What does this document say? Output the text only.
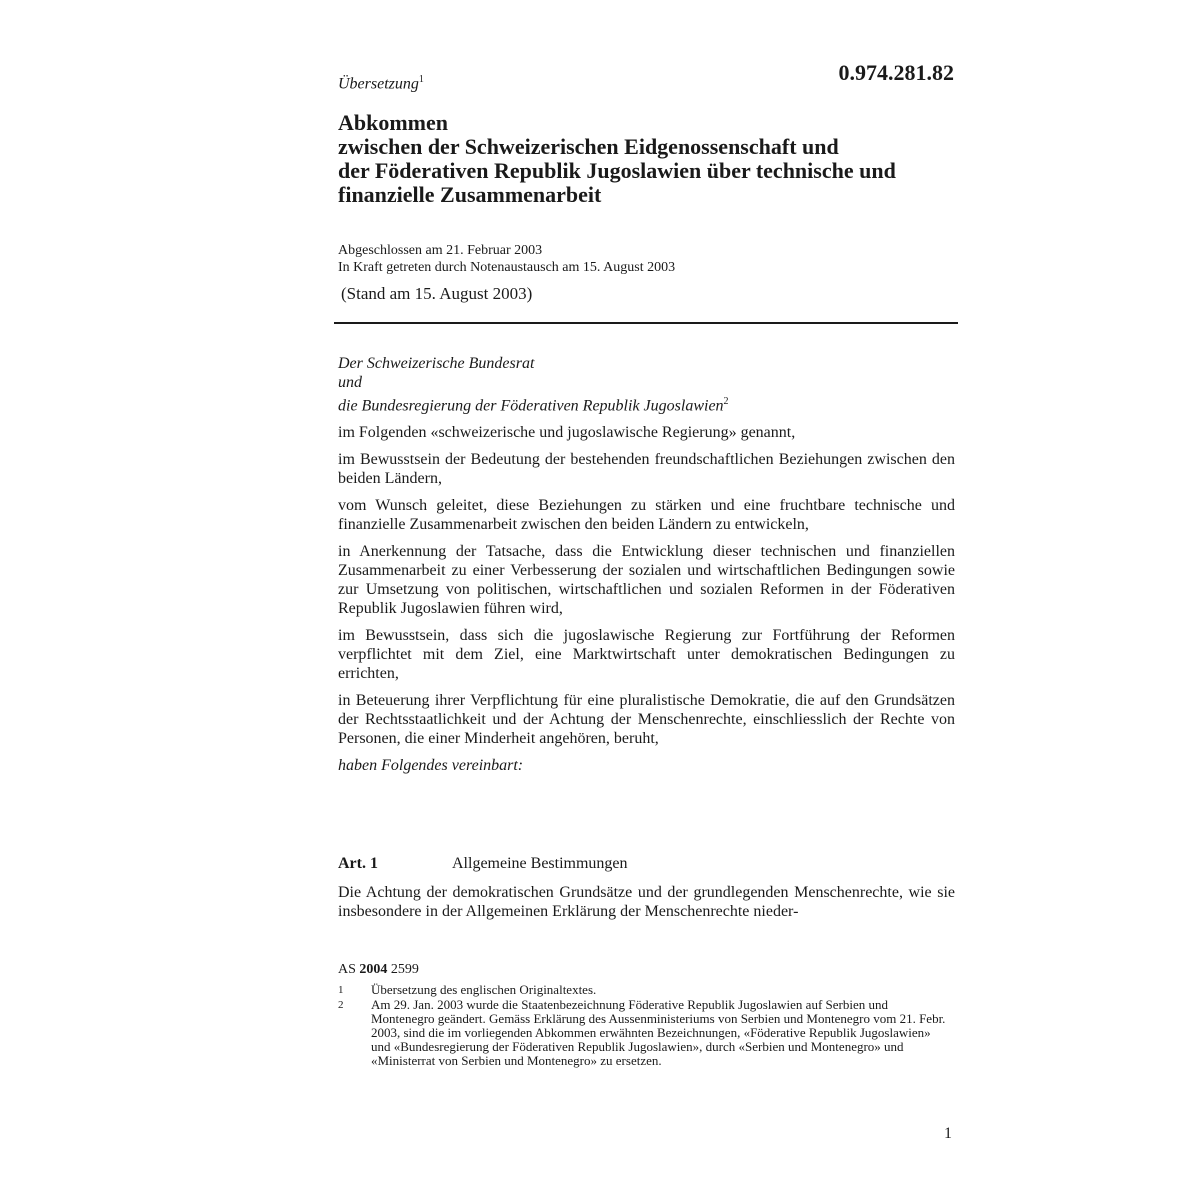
Übersetzung$^1$	0.974.281.82
Abkommen
zwischen der Schweizerischen Eidgenossenschaft und
der Föderativen Republik Jugoslawien über technische und
finanzielle Zusammenarbeit
Abgeschlossen am 21. Februar 2003
In Kraft getreten durch Notenaustausch am 15. August 2003
(Stand am 15. August 2003)
Der Schweizerische Bundesrat
und
die Bundesregierung der Föderativen Republik Jugoslawien$^2$
im Folgenden «schweizerische und jugoslawische Regierung» genannt,
im Bewusstsein der Bedeutung der bestehenden freundschaftlichen Beziehungen zwischen den beiden Ländern,
vom Wunsch geleitet, diese Beziehungen zu stärken und eine fruchtbare technische und finanzielle Zusammenarbeit zwischen den beiden Ländern zu entwickeln,
in Anerkennung der Tatsache, dass die Entwicklung dieser technischen und finanziellen Zusammenarbeit zu einer Verbesserung der sozialen und wirtschaftlichen Bedingungen sowie zur Umsetzung von politischen, wirtschaftlichen und sozialen Reformen in der Föderativen Republik Jugoslawien führen wird,
im Bewusstsein, dass sich die jugoslawische Regierung zur Fortführung der Reformen verpflichtet mit dem Ziel, eine Marktwirtschaft unter demokratischen Bedingungen zu errichten,
in Beteuerung ihrer Verpflichtung für eine pluralistische Demokratie, die auf den Grundsätzen der Rechtsstaatlichkeit und der Achtung der Menschenrechte, einschliesslich der Rechte von Personen, die einer Minderheit angehören, beruht,
haben Folgendes vereinbart:
Art. 1	Allgemeine Bestimmungen
Die Achtung der demokratischen Grundsätze und der grundlegenden Menschenrechte, wie sie insbesondere in der Allgemeinen Erklärung der Menschenrechte nieder-
AS 2004 2599
1	Übersetzung des englischen Originaltextes.
2	Am 29. Jan. 2003 wurde die Staatenbezeichnung Föderative Republik Jugoslawien auf Serbien und Montenegro geändert. Gemäss Erklärung des Aussenministeriums von Serbien und Montenegro vom 21. Febr. 2003, sind die im vorliegenden Abkommen erwähnten Bezeichnungen, «Föderative Republik Jugoslawien» und «Bundesregierung der Föderativen Republik Jugoslawien», durch «Serbien und Montenegro» und «Ministerrat von Serbien und Montenegro» zu ersetzen.
1
